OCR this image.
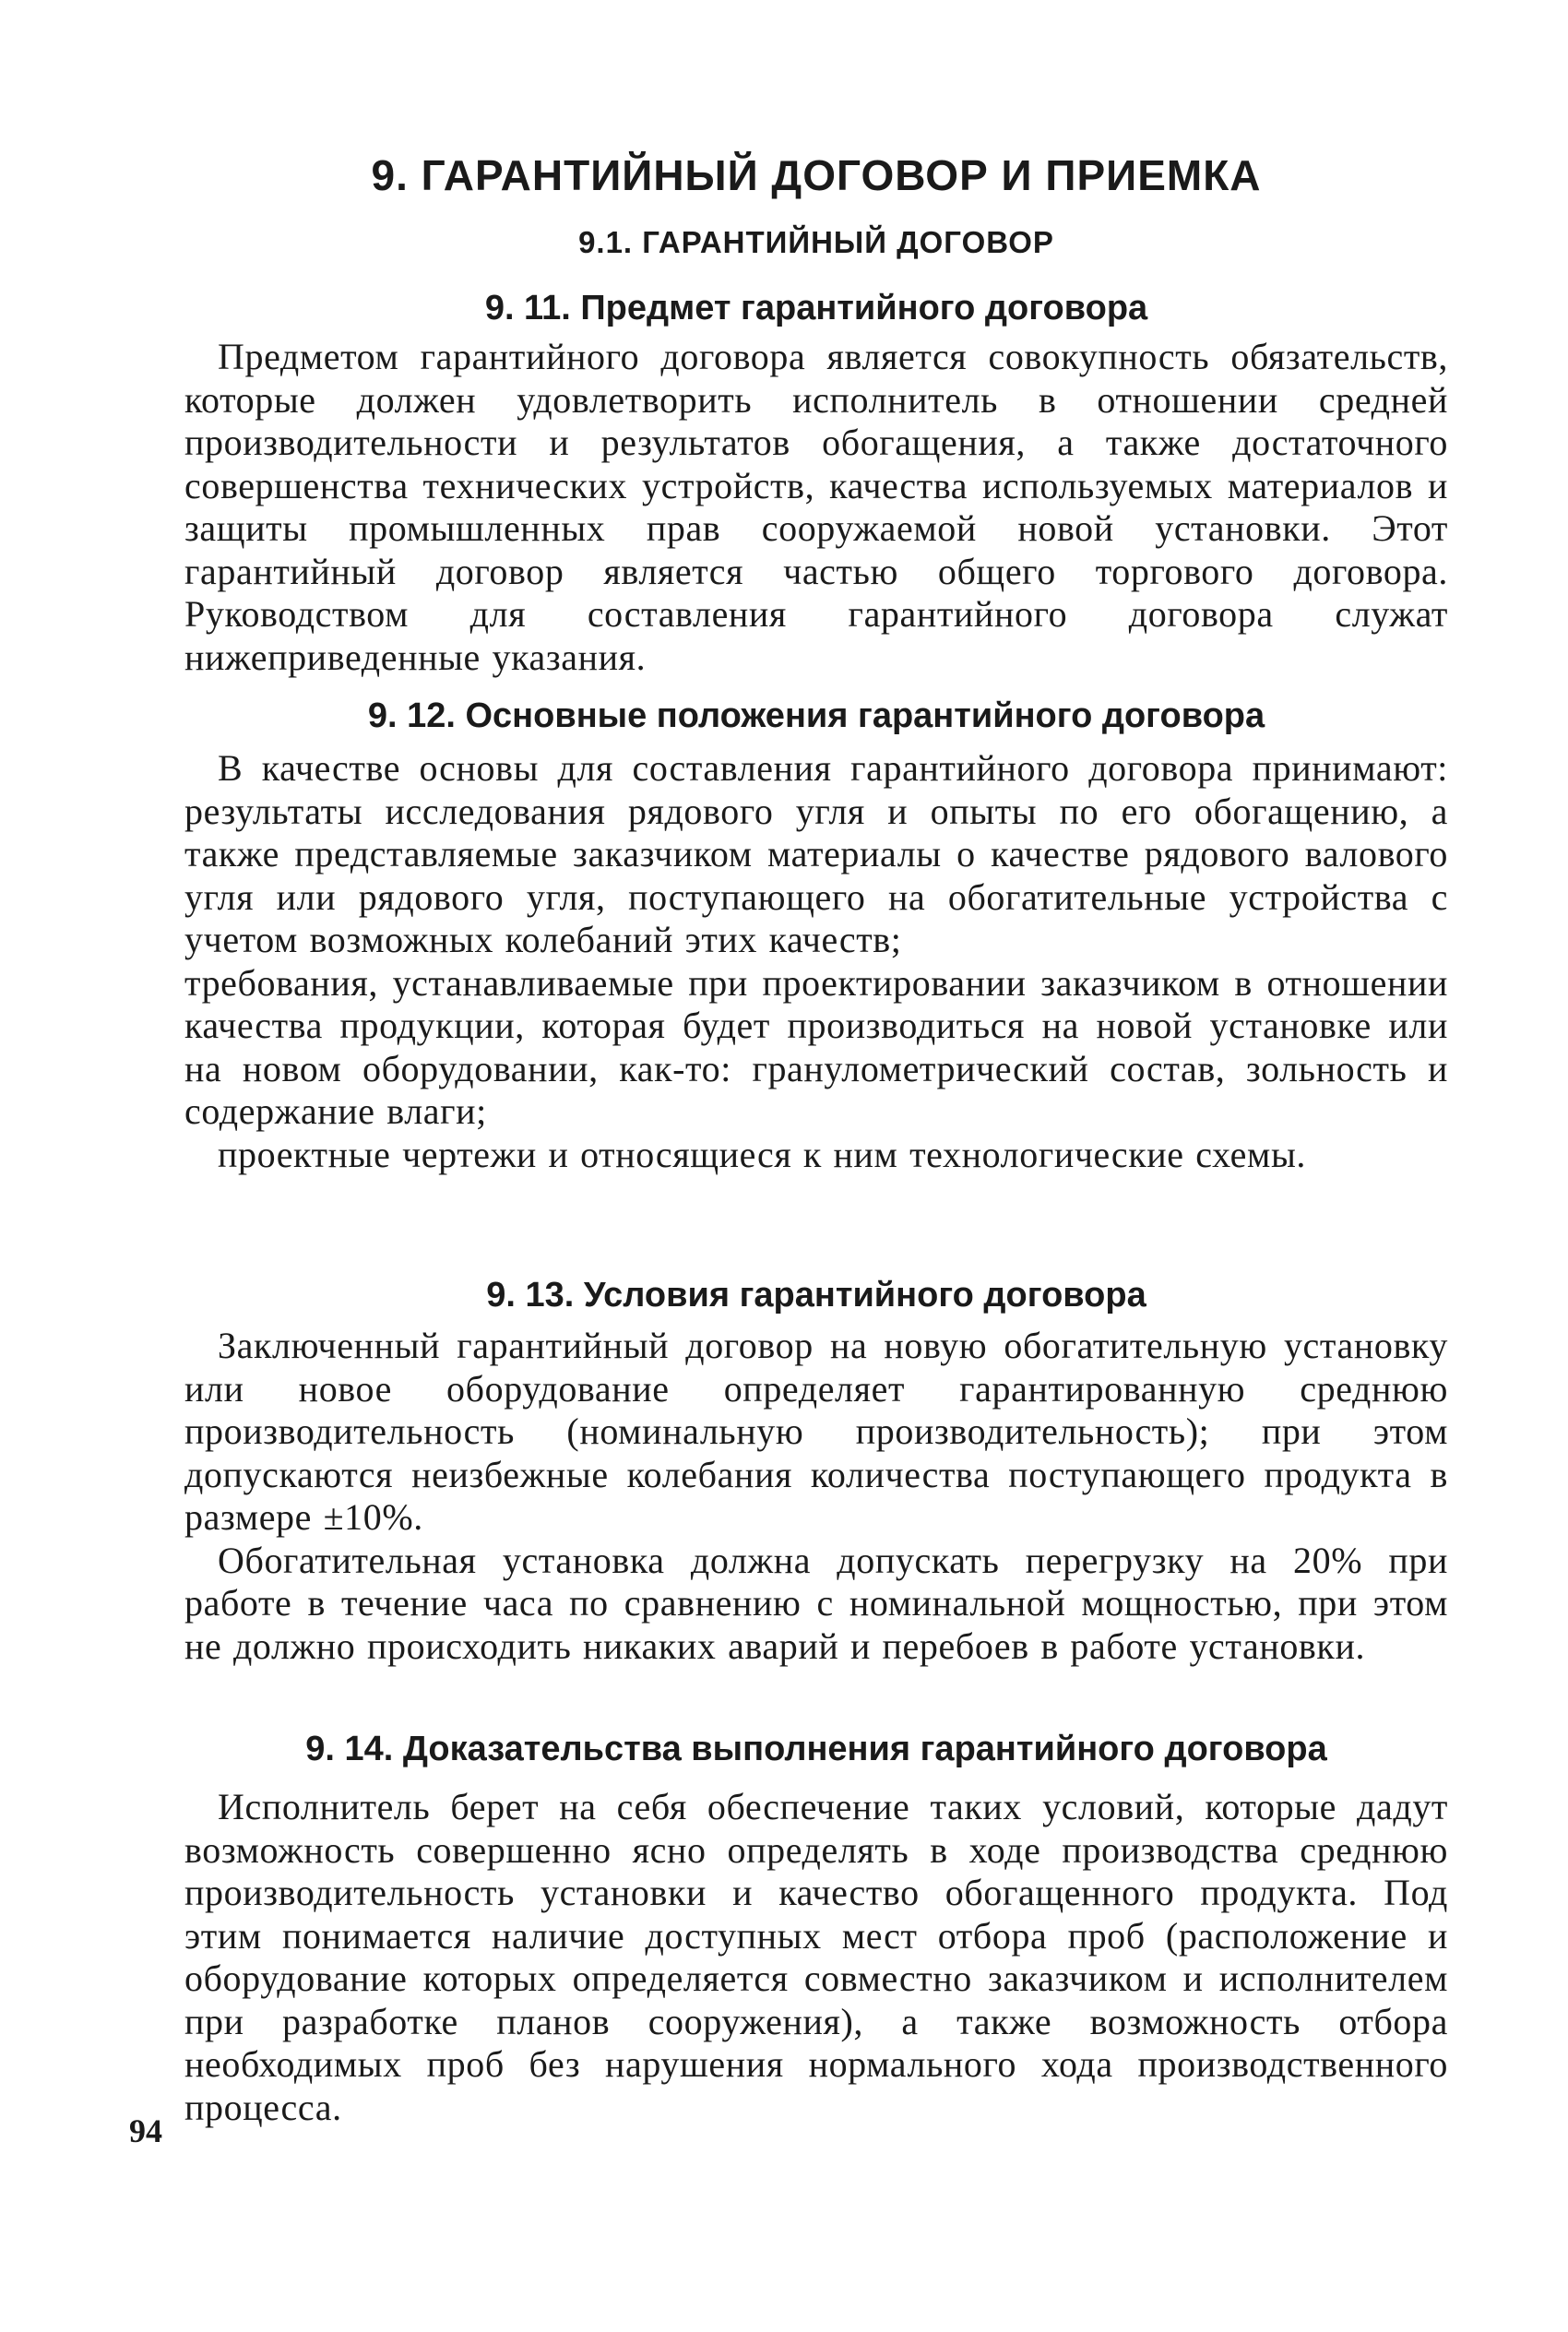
9. ГАРАНТИЙНЫЙ ДОГОВОР И ПРИЕМКА
9.1. ГАРАНТИЙНЫЙ ДОГОВОР
9. 11. Предмет гарантийного договора

Предметом гарантийного договора является совокупность обязательств, которые должен удовлетворить исполнитель в отношении средней производительности и результатов обогащения, а также достаточного совершенства технических устройств, качества используемых материалов и защиты промышленных прав сооружаемой новой установки. Этот гарантийный договор является частью общего торгового договора. Руководством для составления гарантийного договора служат нижеприведенные указания.

9. 12. Основные положения гарантийного договора

В качестве основы для составления гарантийного договора принимают: результаты исследования рядового угля и опыты по его обогащению, а также представляемые заказчиком материалы о качестве рядового валового угля или рядового угля, поступающего на обогатительные устройства с учетом возможных колебаний этих качеств;

требования, устанавливаемые при проектировании заказчиком в отношении качества продукции, которая будет производиться на новой установке или на новом оборудовании, как-то: гранулометрический состав, зольность и содержание влаги;

проектные чертежи и относящиеся к ним технологические схемы.

9. 13. Условия гарантийного договора

Заключенный гарантийный договор на новую обогатительную установку или новое оборудование определяет гарантированную среднюю производительность (номинальную производительность); при этом допускаются неизбежные колебания количества поступающего продукта в размере ±10%.

Обогатительная установка должна допускать перегрузку на 20% при работе в течение часа по сравнению с номинальной мощностью, при этом не должно происходить никаких аварий и перебоев в работе установки.

9. 14. Доказательства выполнения гарантийного договора

Исполнитель берет на себя обеспечение таких условий, которые дадут возможность совершенно ясно определять в ходе производства среднюю производительность установки и качество обогащенного продукта. Под этим понимается наличие доступных мест отбора проб (расположение и оборудование которых определяется совместно заказчиком и исполнителем при разработке планов сооружения), а также возможность отбора необходимых проб без нарушения нормального хода производственного процесса.

94
